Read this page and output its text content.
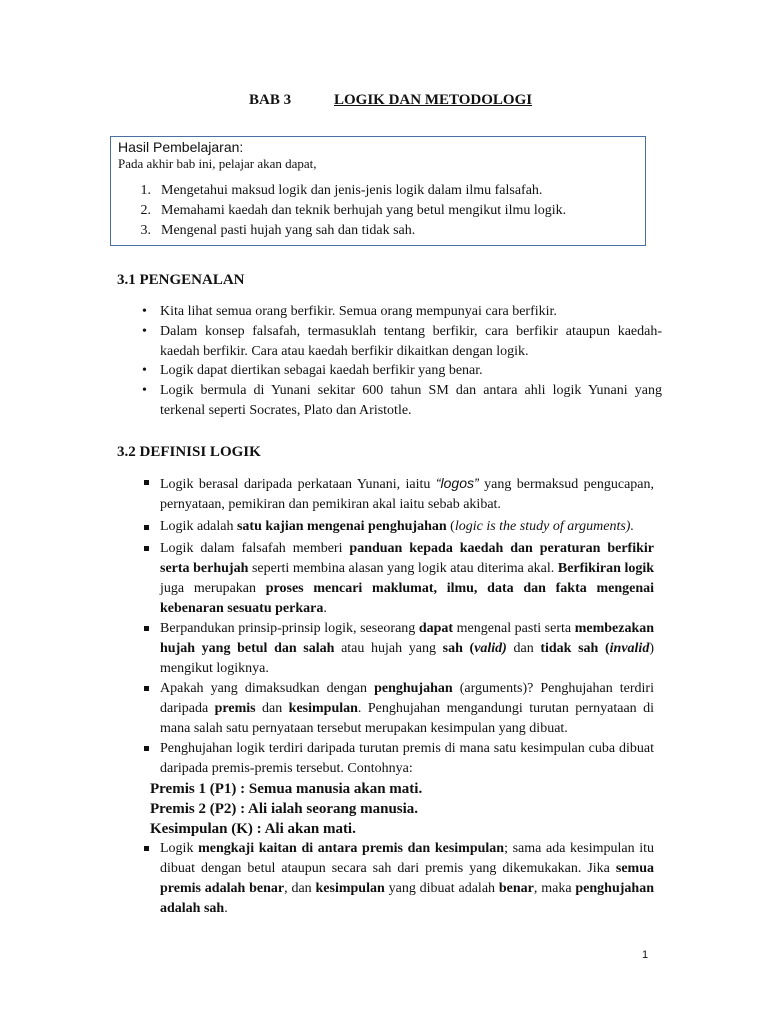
BAB 3	LOGIK DAN METODOLOGI
Hasil Pembelajaran:
Pada akhir bab ini, pelajar akan dapat,
1. Mengetahui maksud logik dan jenis-jenis logik dalam ilmu falsafah.
2. Memahami kaedah dan teknik berhujah yang betul mengikut ilmu logik.
3. Mengenal pasti hujah yang sah dan tidak sah.
3.1 PENGENALAN
• Kita lihat semua orang berfikir. Semua orang mempunyai cara berfikir.
• Dalam konsep falsafah, termasuklah tentang berfikir, cara berfikir ataupun kaedah- kaedah berfikir. Cara atau kaedah berfikir dikaitkan dengan logik.
• Logik dapat diertikan sebagai kaedah berfikir yang benar.
• Logik bermula di Yunani sekitar 600 tahun SM dan antara ahli logik Yunani yang terkenal seperti Socrates, Plato dan Aristotle.
3.2 DEFINISI LOGIK
Logik berasal daripada perkataan Yunani, iaitu “logos” yang bermaksud pengucapan, pernyataan, pemikiran dan pemikiran akal iaitu sebab akibat.
Logik adalah satu kajian mengenai penghujahan (logic is the study of arguments).
Logik dalam falsafah memberi panduan kepada kaedah dan peraturan berfikir serta berhujah seperti membina alasan yang logik atau diterima akal. Berfikiran logik juga merupakan proses mencari maklumat, ilmu, data dan fakta mengenai kebenaran sesuatu perkara.
Berpandukan prinsip-prinsip logik, seseorang dapat mengenal pasti serta membezakan hujah yang betul dan salah atau hujah yang sah (valid) dan tidak sah (invalid) mengikut logiknya.
Apakah yang dimaksudkan dengan penghujahan (arguments)? Penghujahan terdiri daripada premis dan kesimpulan. Penghujahan mengandungi turutan pernyataan di mana salah satu pernyataan tersebut merupakan kesimpulan yang dibuat.
Penghujahan logik terdiri daripada turutan premis di mana satu kesimpulan cuba dibuat daripada premis-premis tersebut. Contohnya:
Premis 1 (P1) : Semua manusia akan mati.
Premis 2 (P2) : Ali ialah seorang manusia.
Kesimpulan (K) : Ali akan mati.
Logik mengkaji kaitan di antara premis dan kesimpulan; sama ada kesimpulan itu dibuat dengan betul ataupun secara sah dari premis yang dikemukakan. Jika semua premis adalah benar, dan kesimpulan yang dibuat adalah benar, maka penghujahan adalah sah.
1
